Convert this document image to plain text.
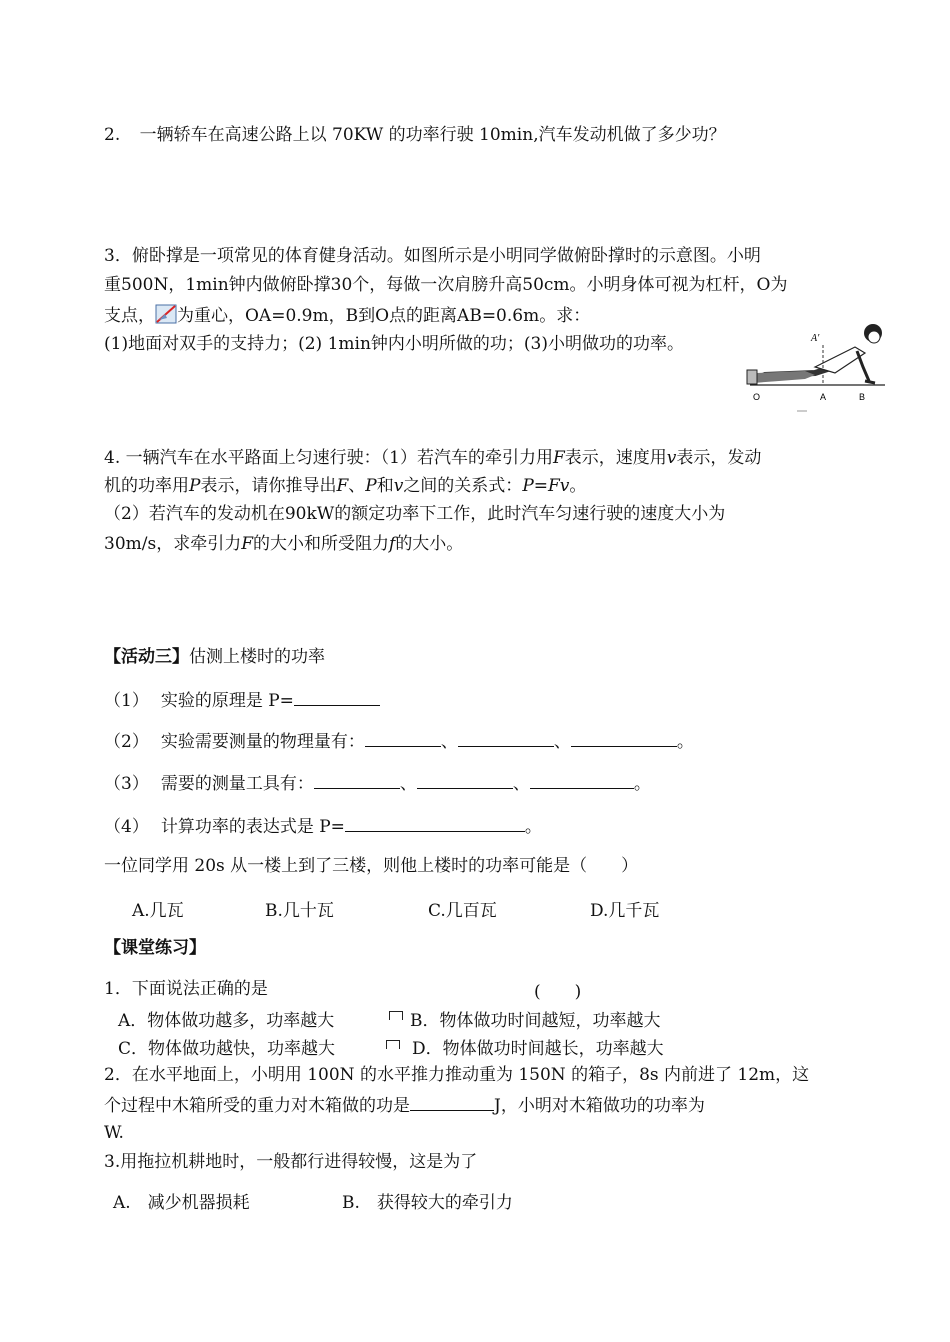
2. 一辆轿车在高速公路上以 70KW 的功率行驶 10min,汽车发动机做了多少功？
3．俯卧撑是一项常见的体育健身活动。如图所示是小明同学做俯卧撑时的示意图。小明
重500N，1min钟内做俯卧撑30个，每做一次肩膀升高50cm。小明身体可视为杠杆，O为
支点， 为重心，OA=0.9m，B到O点的距离AB=0.6m。求：
(1)地面对双手的支持力；(2) 1min钟内小明所做的功；(3)小明做功的功率。	A′
O	A	B
4. 一辆汽车在水平路面上匀速行驶：（1）若汽车的牵引力用F表示，速度用v表示，发动
机的功率用P表示，请你推导出F、P和v之间的关系式：P=Fv。
（2）若汽车的发动机在90kW的额定功率下工作，此时汽车匀速行驶的速度大小为
30m/s，求牵引力F的大小和所受阻力f的大小。
【活动三】估测上楼时的功率
（1） 实验的原理是 P=
（2） 实验需要测量的物理量有：	、	、	。
（3） 需要的测量工具有：	、	、	。
（4） 计算功率的表达式是 P=	。
一位同学用 20s 从一楼上到了三楼，则他上楼时的功率可能是（　　）
A.几瓦	B.几十瓦	C.几百瓦	D.几千瓦
【课堂练习】
1．下面说法正确的是	(　　)
A．物体做功越多，功率越大	B．物体做功时间越短，功率越大
C．物体做功越快，功率越大	D．物体做功时间越长，功率越大
2．在水平地面上，小明用 100N 的水平推力推动重为 150N 的箱子，8s 内前进了 12m，这
个过程中木箱所受的重力对木箱做的功是	J，小明对木箱做功的功率为
W.
3.用拖拉机耕地时，一般都行进得较慢，这是为了
A.　减少机器损耗	B.　获得较大的牵引力
